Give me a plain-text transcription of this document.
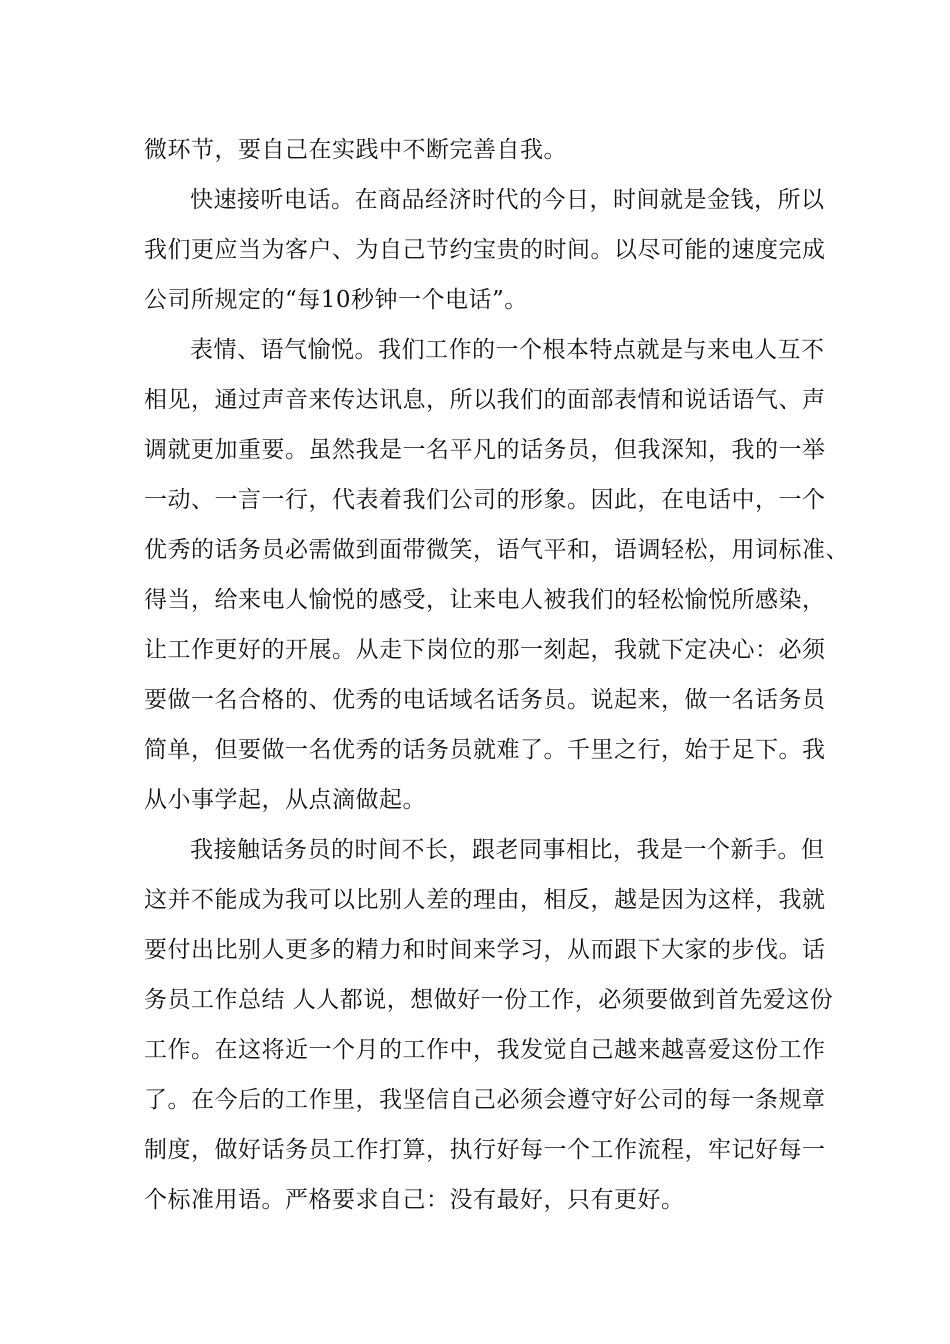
微环节，要自己在实践中不断完善自我。

快速接听电话。在商品经济时代的今日，时间就是金钱，所以

我们更应当为客户、为自己节约宝贵的时间。以尽可能的速度完成

公司所规定的“每10秒钟一个电话”。

表情、语气愉悦。我们工作的一个根本特点就是与来电人互不

相见，通过声音来传达讯息，所以我们的面部表情和说话语气、声

调就更加重要。虽然我是一名平凡的话务员，但我深知，我的一举

一动、一言一行，代表着我们公司的形象。因此，在电话中，一个

优秀的话务员必需做到面带微笑，语气平和，语调轻松，用词标准、

得当，给来电人愉悦的感受，让来电人被我们的轻松愉悦所感染，

让工作更好的开展。从走下岗位的那一刻起，我就下定决心：必须

要做一名合格的、优秀的电话域名话务员。说起来，做一名话务员

简单，但要做一名优秀的话务员就难了。千里之行，始于足下。我

从小事学起，从点滴做起。

我接触话务员的时间不长，跟老同事相比，我是一个新手。但

这并不能成为我可以比别人差的理由，相反，越是因为这样，我就

要付出比别人更多的精力和时间来学习，从而跟下大家的步伐。话

务员工作总结 人人都说，想做好一份工作，必须要做到首先爱这份

工作。在这将近一个月的工作中，我发觉自己越来越喜爱这份工作

了。在今后的工作里，我坚信自己必须会遵守好公司的每一条规章

制度，做好话务员工作打算，执行好每一个工作流程，牢记好每一

个标准用语。严格要求自己：没有最好，只有更好。
